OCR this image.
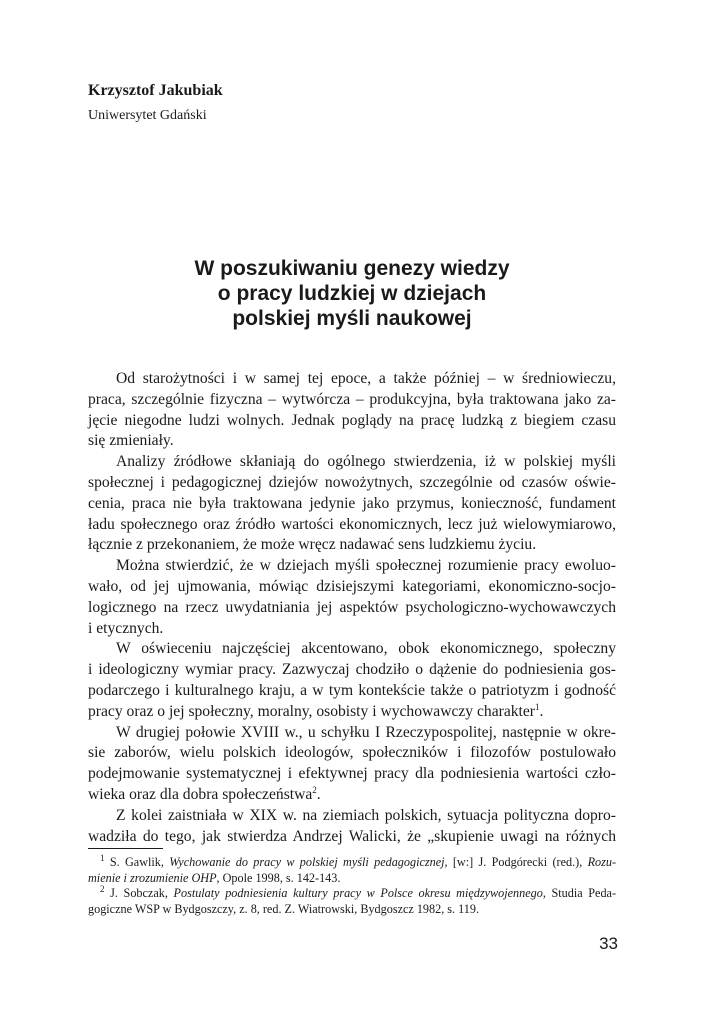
Krzysztof Jakubiak

Uniwersytet Gdański

W poszukiwaniu genezy wiedzy
o pracy ludzkiej w dziejach
polskiej myśli naukowej
Od starożytności i w samej tej epoce, a także później – w średniowieczu,
praca, szczególnie fizyczna – wytwórcza – produkcyjna, była traktowana jako za-
jęcie niegodne ludzi wolnych. Jednak poglądy na pracę ludzką z biegiem czasu
się zmieniały.
Analizy źródłowe skłaniają do ogólnego stwierdzenia, iż w polskiej myśli
społecznej i pedagogicznej dziejów nowożytnych, szczególnie od czasów oświe-
cenia, praca nie była traktowana jedynie jako przymus, konieczność, fundament
ładu społecznego oraz źródło wartości ekonomicznych, lecz już wielowymiarowo,
łącznie z przekonaniem, że może wręcz nadawać sens ludzkiemu życiu.
Można stwierdzić, że w dziejach myśli społecznej rozumienie pracy ewoluo-
wało, od jej ujmowania, mówiąc dzisiejszymi kategoriami, ekonomiczno-socjo-
logicznego na rzecz uwydatniania jej aspektów psychologiczno-wychowawczych
i etycznych.
W oświeceniu najczęściej akcentowano, obok ekonomicznego, społeczny
i ideologiczny wymiar pracy. Zazwyczaj chodziło o dążenie do podniesienia gos-
podarczego i kulturalnego kraju, a w tym kontekście także o patriotyzm i godność
pracy oraz o jej społeczny, moralny, osobisty i wychowawczy charakter$^1$.
W drugiej połowie XVIII w., u schyłku I Rzeczypospolitej, następnie w okre-
sie zaborów, wielu polskich ideologów, społeczników i filozofów postulowało
podejmowanie systematycznej i efektywnej pracy dla podniesienia wartości czło-
wieka oraz dla dobra społeczeństwa$^2$.
Z kolei zaistniała w XIX w. na ziemiach polskich, sytuacja polityczna dopro-
wadziła do tego, jak stwierdza Andrzej Walicki, że „skupienie uwagi na różnych
$^1$ S. Gawlik, Wychowanie do pracy w polskiej myśli pedagogicznej, [w:] J. Podgórecki (red.), Rozu-
mienie i zrozumienie OHP, Opole 1998, s. 142-143.
$^2$ J. Sobczak, Postulaty podniesienia kultury pracy w Polsce okresu międzywojennego, Studia Peda-
gogiczne WSP w Bydgoszczy, z. 8, red. Z. Wiatrowski, Bydgoszcz 1982, s. 119.

33
